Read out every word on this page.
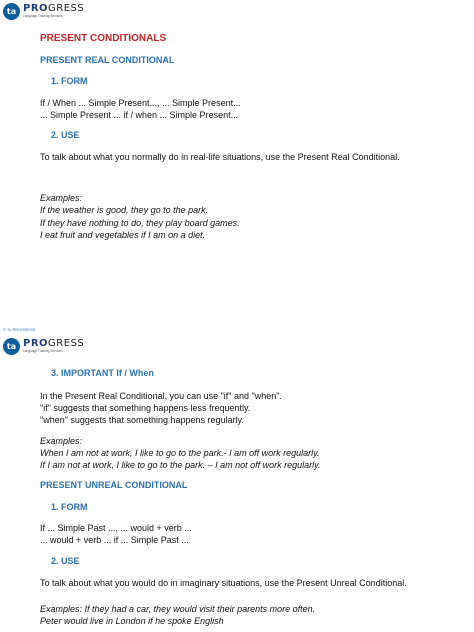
ta PROGRESS
Language Training Services
PRESENT CONDITIONALS
PRESENT REAL CONDITIONAL
1. FORM
If / When ... Simple Present..., ... Simple Present...
... Simple Present ... if / when ... Simple Present...
2. USE
To talk about what you normally do in real-life situations, use the Present Real Conditional.
Examples:
If the weather is good, they go to the park.
If they have nothing to do, they play board games.
I eat fruit and vegetables if I am on a diet.
© Tu PROGRESS
ta PROGRESS
Language Training Services
3. IMPORTANT If / When
In the Present Real Conditional, you can use "if" and "when".
"if" suggests that something happens less frequently.
"when" suggests that something happens regularly.
Examples:
When I am not at work, I like to go to the park.- I am off work regularly.
If I am not at work, I like to go to the park. – I am not off work regularly.
PRESENT UNREAL CONDITIONAL
1. FORM
If ... Simple Past ..., ... would + verb ...
... would + verb ... if ... Simple Past ...
2. USE
To talk about what you would do in imaginary situations, use the Present Unreal Conditional.
Examples: If they had a car, they would visit their parents more often.
Peter would live in London if he spoke English
